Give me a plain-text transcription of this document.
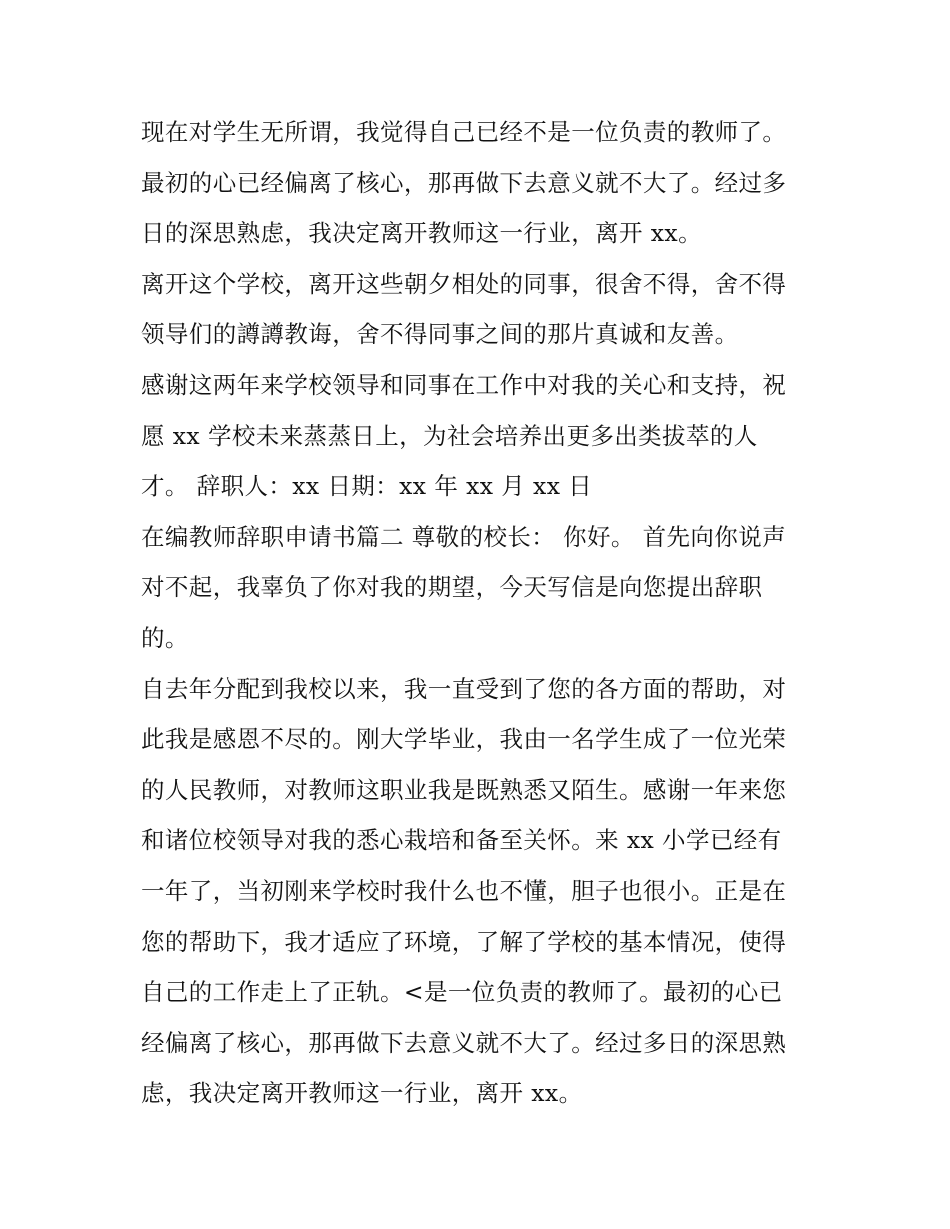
现在对学生无所谓，我觉得自己已经不是一位负责的教师了。
最初的心已经偏离了核心，那再做下去意义就不大了。经过多
日的深思熟虑，我决定离开教师这一行业，离开 xx。
离开这个学校，离开这些朝夕相处的同事，很舍不得，舍不得
领导们的譐譐教诲，舍不得同事之间的那片真诚和友善。
感谢这两年来学校领导和同事在工作中对我的关心和支持，祝
愿 xx 学校未来蒸蒸日上，为社会培养出更多出类拔萃的人
才。 辞职人：xx 日期：xx 年 xx 月 xx 日
在编教师辞职申请书篇二 尊敬的校长： 你好。 首先向你说声
对不起，我辜负了你对我的期望，今天写信是向您提出辞职
的。
自去年分配到我校以来，我一直受到了您的各方面的帮助，对
此我是感恩不尽的。刚大学毕业，我由一名学生成了一位光荣
的人民教师，对教师这职业我是既熟悉又陌生。感谢一年来您
和诸位校领导对我的悉心栽培和备至关怀。来 xx 小学已经有
一年了，当初刚来学校时我什么也不懂，胆子也很小。正是在
您的帮助下，我才适应了环境，了解了学校的基本情况，使得
自己的工作走上了正轨。<是一位负责的教师了。最初的心已
经偏离了核心，那再做下去意义就不大了。经过多日的深思熟
虑，我决定离开教师这一行业，离开 xx。
